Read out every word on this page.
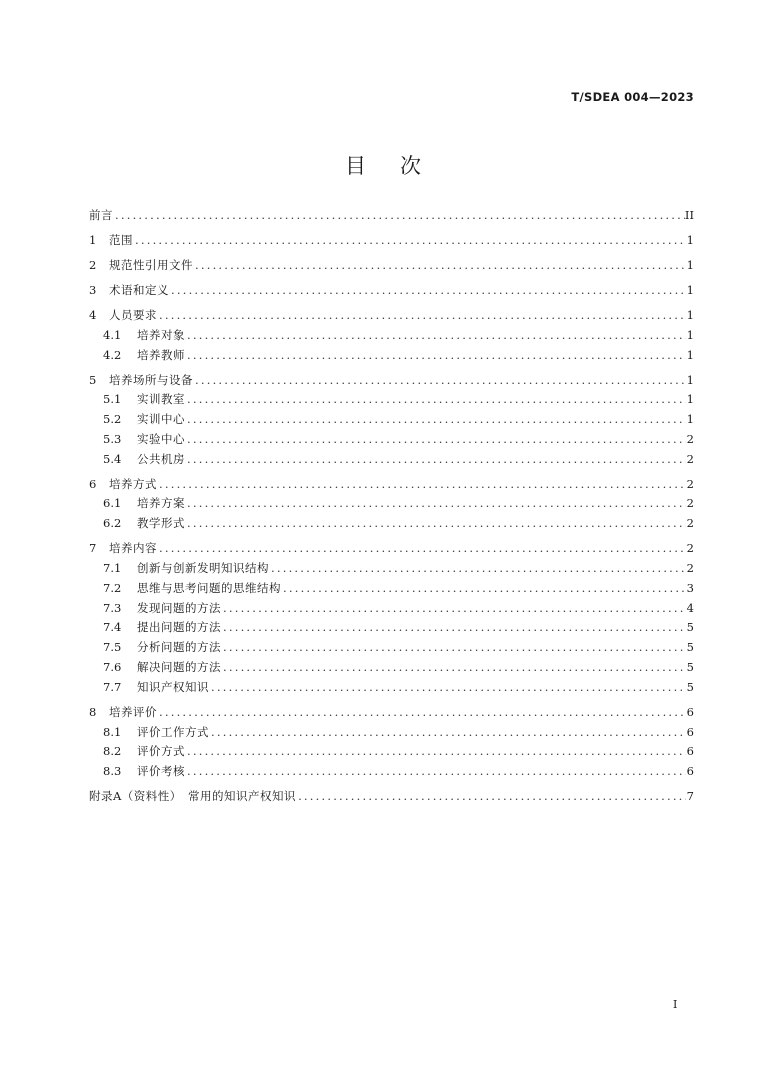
T/SDEA 004—2023
目 次
前言 .....	II
1	范围 .....	1
2	规范性引用文件 .....	1
3	术语和定义 .....	1
4	人员要求 .....	1
4.1	培养对象 .....	1
4.2	培养教师 .....	1
5	培养场所与设备 .....	1
5.1	实训教室 .....	1
5.2	实训中心 .....	1
5.3	实验中心 .....	2
5.4	公共机房 .....	2
6	培养方式 .....	2
6.1	培养方案 .....	2
6.2	教学形式 .....	2
7	培养内容 .....	2
7.1	创新与创新发明知识结构 .....	2
7.2	思维与思考问题的思维结构 .....	3
7.3	发现问题的方法 .....	4
7.4	提出问题的方法 .....	5
7.5	分析问题的方法 .....	5
7.6	解决问题的方法 .....	5
7.7	知识产权知识 .....	5
8	培养评价 .....	6
8.1	评价工作方式 .....	6
8.2	评价方式 .....	6
8.3	评价考核 .....	6
附录A（资料性）　常用的知识产权知识 .....	7
I
